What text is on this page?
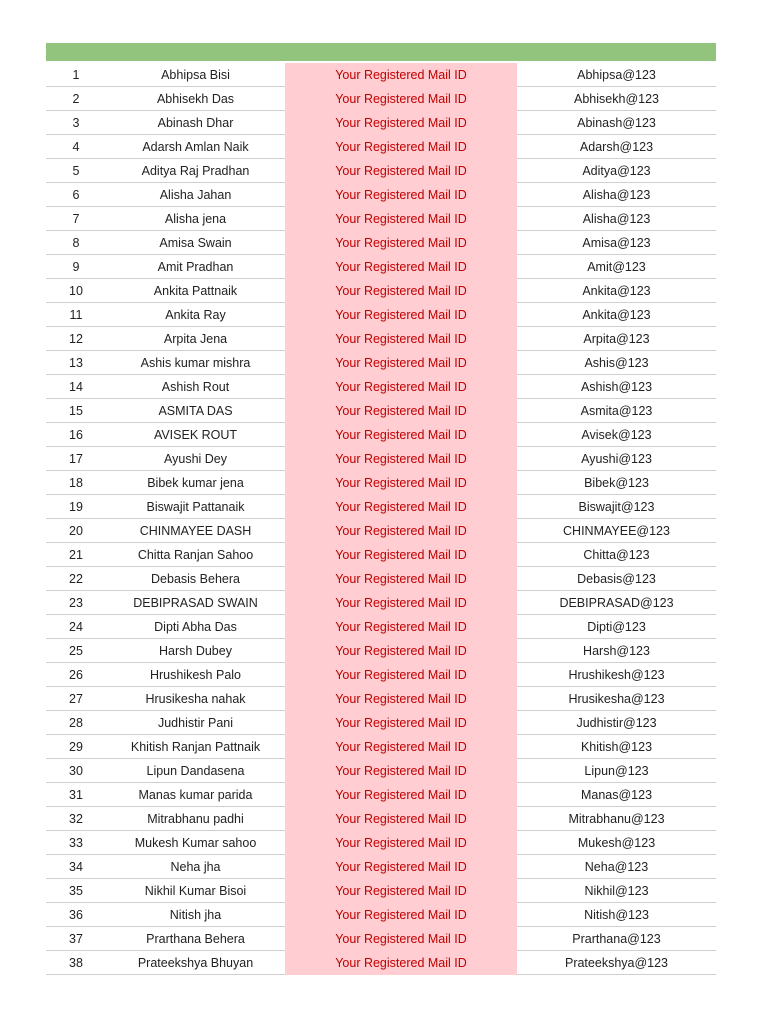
1	Abhipsa Bisi	Your Registered Mail ID	Abhipsa@123
2	Abhisekh Das	Your Registered Mail ID	Abhisekh@123
3	Abinash Dhar	Your Registered Mail ID	Abinash@123
4	Adarsh Amlan Naik	Your Registered Mail ID	Adarsh@123
5	Aditya Raj Pradhan	Your Registered Mail ID	Aditya@123
6	Alisha Jahan	Your Registered Mail ID	Alisha@123
7	Alisha jena	Your Registered Mail ID	Alisha@123
8	Amisa Swain	Your Registered Mail ID	Amisa@123
9	Amit Pradhan	Your Registered Mail ID	Amit@123
10	Ankita Pattnaik	Your Registered Mail ID	Ankita@123
11	Ankita Ray	Your Registered Mail ID	Ankita@123
12	Arpita Jena	Your Registered Mail ID	Arpita@123
13	Ashis kumar mishra	Your Registered Mail ID	Ashis@123
14	Ashish Rout	Your Registered Mail ID	Ashish@123
15	ASMITA DAS	Your Registered Mail ID	Asmita@123
16	AVISEK ROUT	Your Registered Mail ID	Avisek@123
17	Ayushi Dey	Your Registered Mail ID	Ayushi@123
18	Bibek kumar jena	Your Registered Mail ID	Bibek@123
19	Biswajit Pattanaik	Your Registered Mail ID	Biswajit@123
20	CHINMAYEE DASH	Your Registered Mail ID	CHINMAYEE@123
21	Chitta Ranjan Sahoo	Your Registered Mail ID	Chitta@123
22	Debasis Behera	Your Registered Mail ID	Debasis@123
23	DEBIPRASAD SWAIN	Your Registered Mail ID	DEBIPRASAD@123
24	Dipti Abha Das	Your Registered Mail ID	Dipti@123
25	Harsh Dubey	Your Registered Mail ID	Harsh@123
26	Hrushikesh Palo	Your Registered Mail ID	Hrushikesh@123
27	Hrusikesha nahak	Your Registered Mail ID	Hrusikesha@123
28	Judhistir Pani	Your Registered Mail ID	Judhistir@123
29	Khitish Ranjan Pattnaik	Your Registered Mail ID	Khitish@123
30	Lipun Dandasena	Your Registered Mail ID	Lipun@123
31	Manas kumar parida	Your Registered Mail ID	Manas@123
32	Mitrabhanu padhi	Your Registered Mail ID	Mitrabhanu@123
33	Mukesh Kumar sahoo	Your Registered Mail ID	Mukesh@123
34	Neha jha	Your Registered Mail ID	Neha@123
35	Nikhil Kumar Bisoi	Your Registered Mail ID	Nikhil@123
36	Nitish jha	Your Registered Mail ID	Nitish@123
37	Prarthana Behera	Your Registered Mail ID	Prarthana@123
38	Prateekshya Bhuyan	Your Registered Mail ID	Prateekshya@123
